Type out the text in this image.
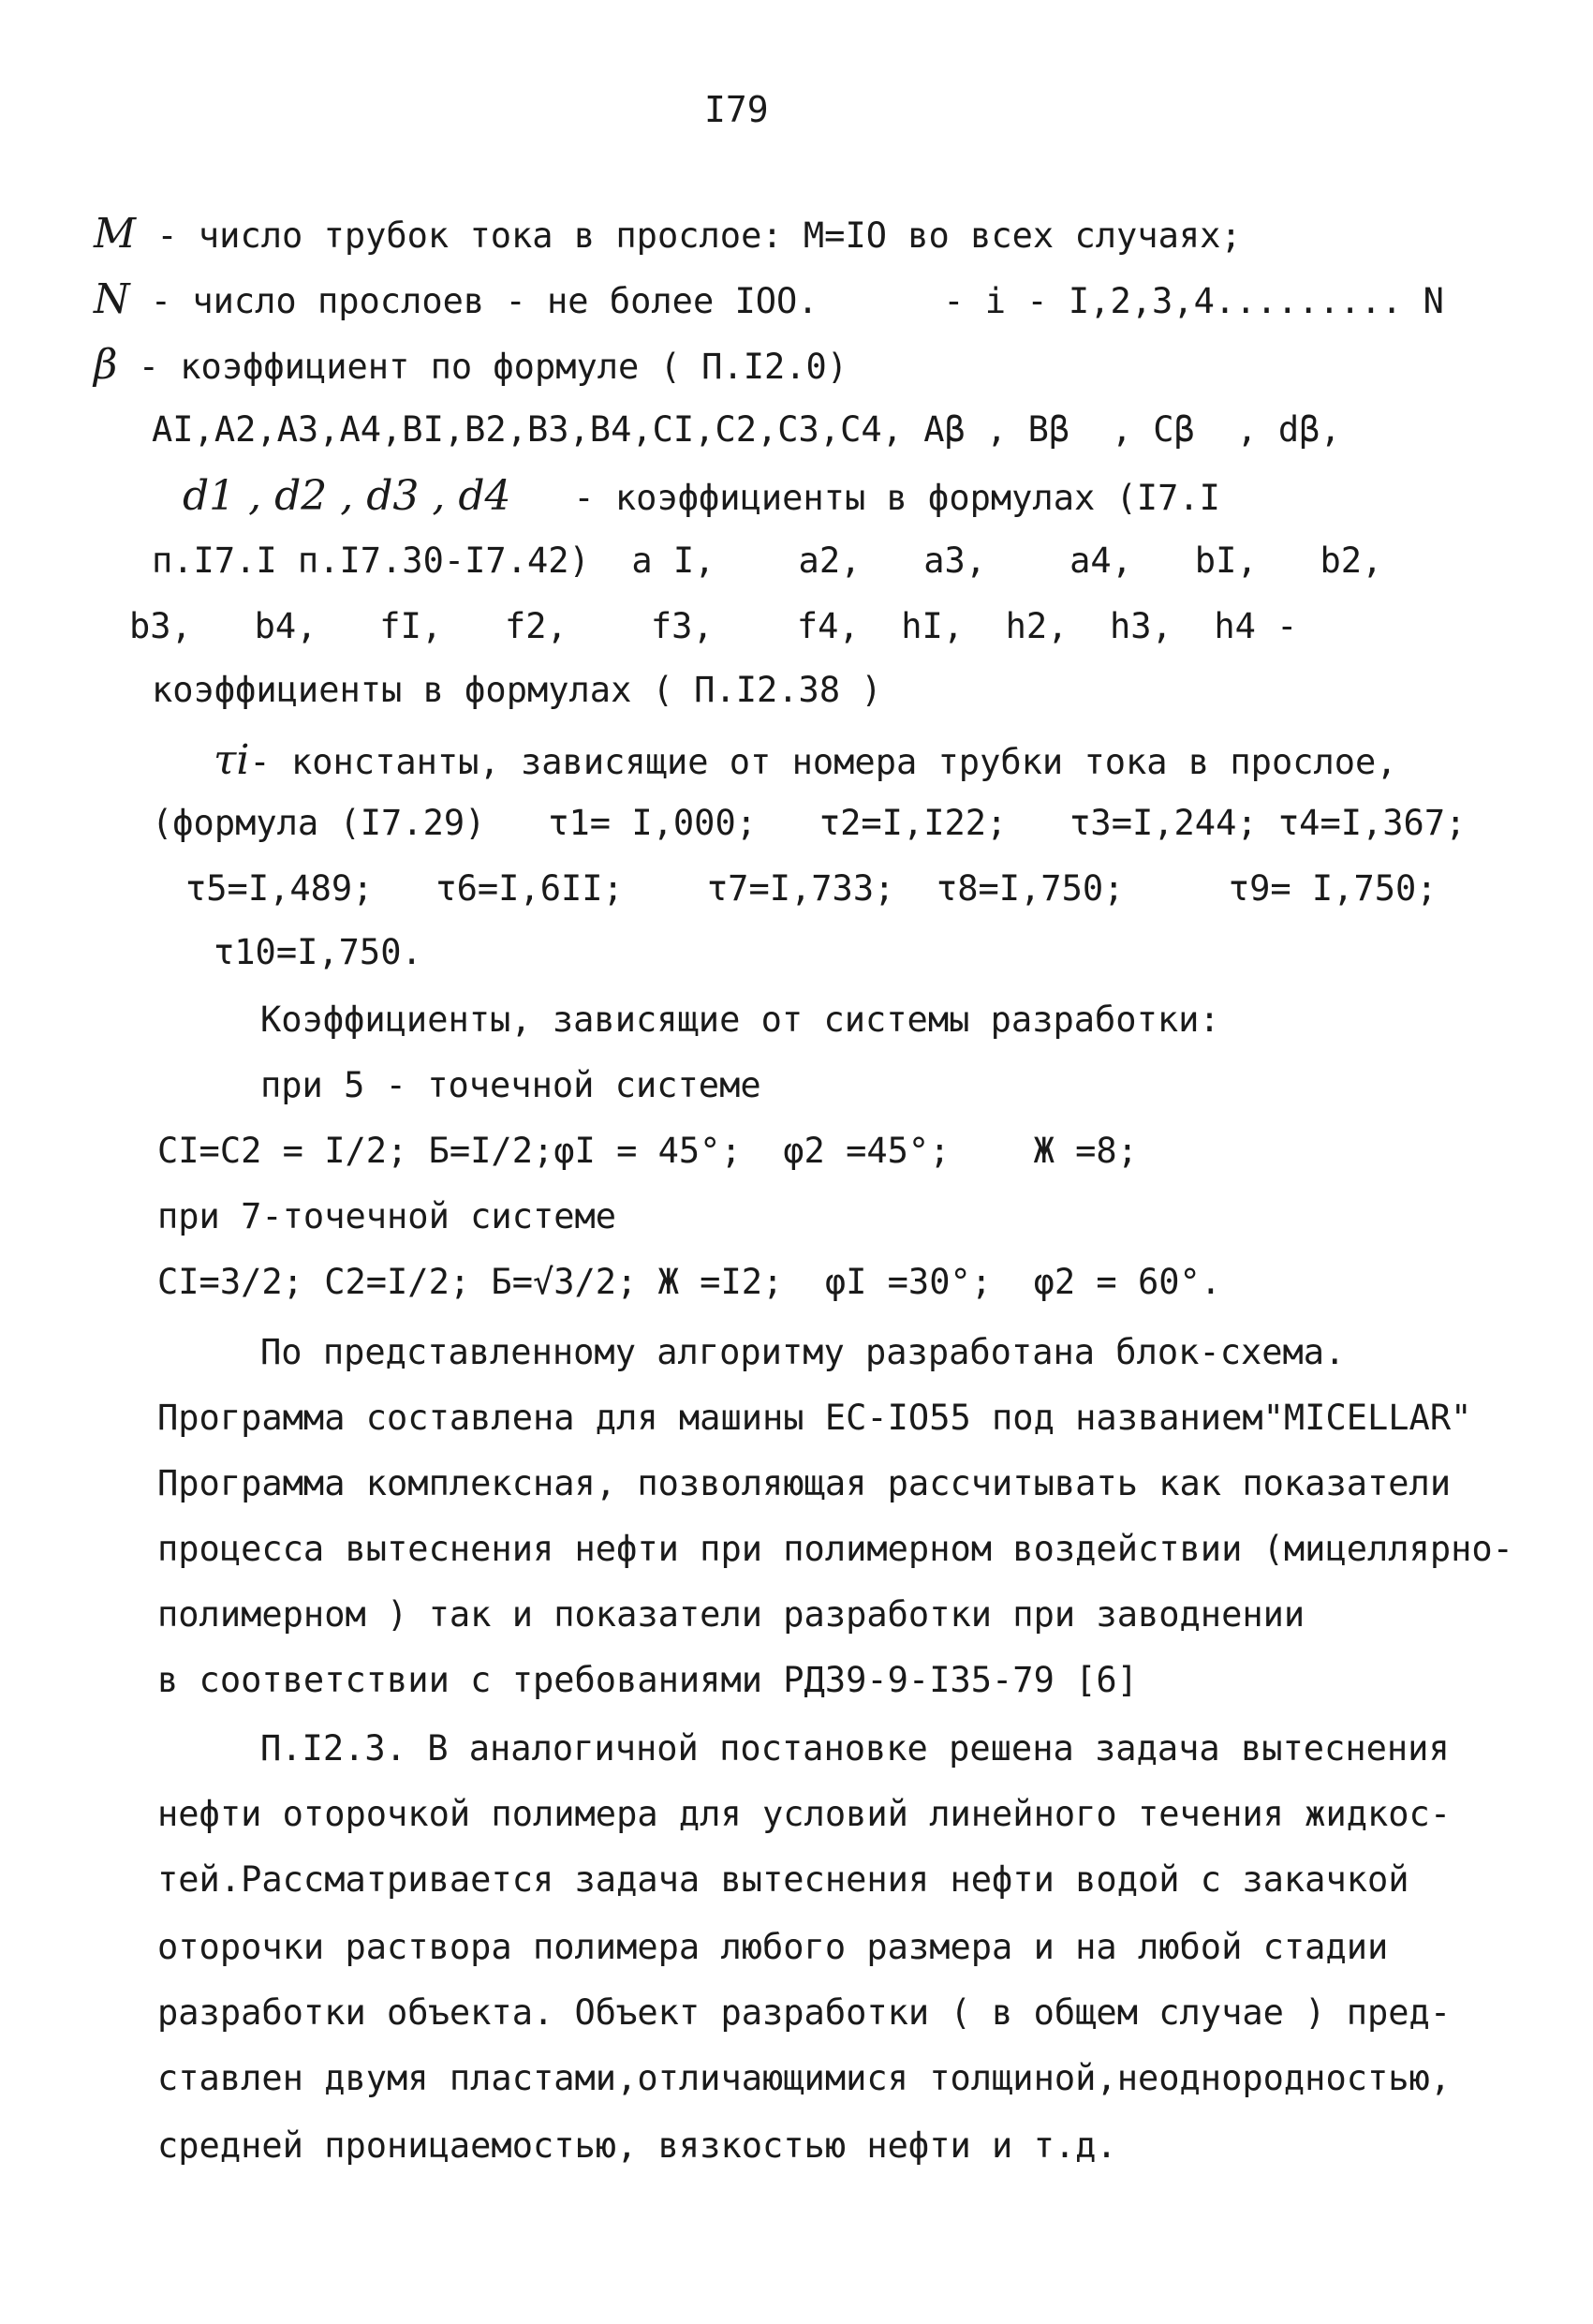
I79
M - число трубок тока в прослое: M=IO во всех случаях;
N - число прослоев - не более IOO.      - i - I,2,3,4......... N
β - коэффициент по формуле ( П.I2.0)
AI,A2,A3,A4,BI,B2,B3,B4,CI,C2,C3,C4, Aβ , Bβ  , Cβ  , dβ,
d1 , d2 , d3 , d4   - коэффициенты в формулах (I7.I
п.I7.I п.I7.30-I7.42)  a I,    a2,   a3,    a4,   bI,   b2,
b3,   b4,   fI,   f2,    f3,    f4,  hI,  h2,  h3,  h4 -
коэффициенты в формулах ( П.I2.38 )
τi- константы, зависящие от номера трубки тока в прослое,
(формула (I7.29)   τ1= I,000;   τ2=I,I22;   τ3=I,244; τ4=I,367;
τ5=I,489;   τ6=I,6II;    τ7=I,733;  τ8=I,750;     τ9= I,750;
τ10=I,750.
Коэффициенты, зависящие от системы разработки:
при 5 - точечной системе
CI=C2 = I/2; Б=I/2;φI = 45°;  φ2 =45°;    Ж =8;
при 7-точечной системе
CI=3/2; C2=I/2; Б=√3/2; Ж =I2;  φI =30°;  φ2 = 60°.
По представленному алгоритму разработана блок-схема.
Программа составлена для машины ЕС-IO55 под названием"MICELLAR"
Программа комплексная, позволяющая рассчитывать как показатели
процесса вытеснения нефти при полимерном воздействии (мицеллярно-
полимерном ) так и показатели разработки при заводнении
в соответствии с требованиями РД39-9-I35-79 [6]
П.I2.3. В аналогичной постановке решена задача вытеснения
нефти оторочкой полимера для условий линейного течения жидкос-
тей.Рассматривается задача вытеснения нефти водой с закачкой
оторочки раствора полимера любого размера и на любой стадии
разработки объекта. Объект разработки ( в общем случае ) пред-
ставлен двумя пластами,отличающимися толщиной,неоднородностью,
средней проницаемостью, вязкостью нефти и т.д.
